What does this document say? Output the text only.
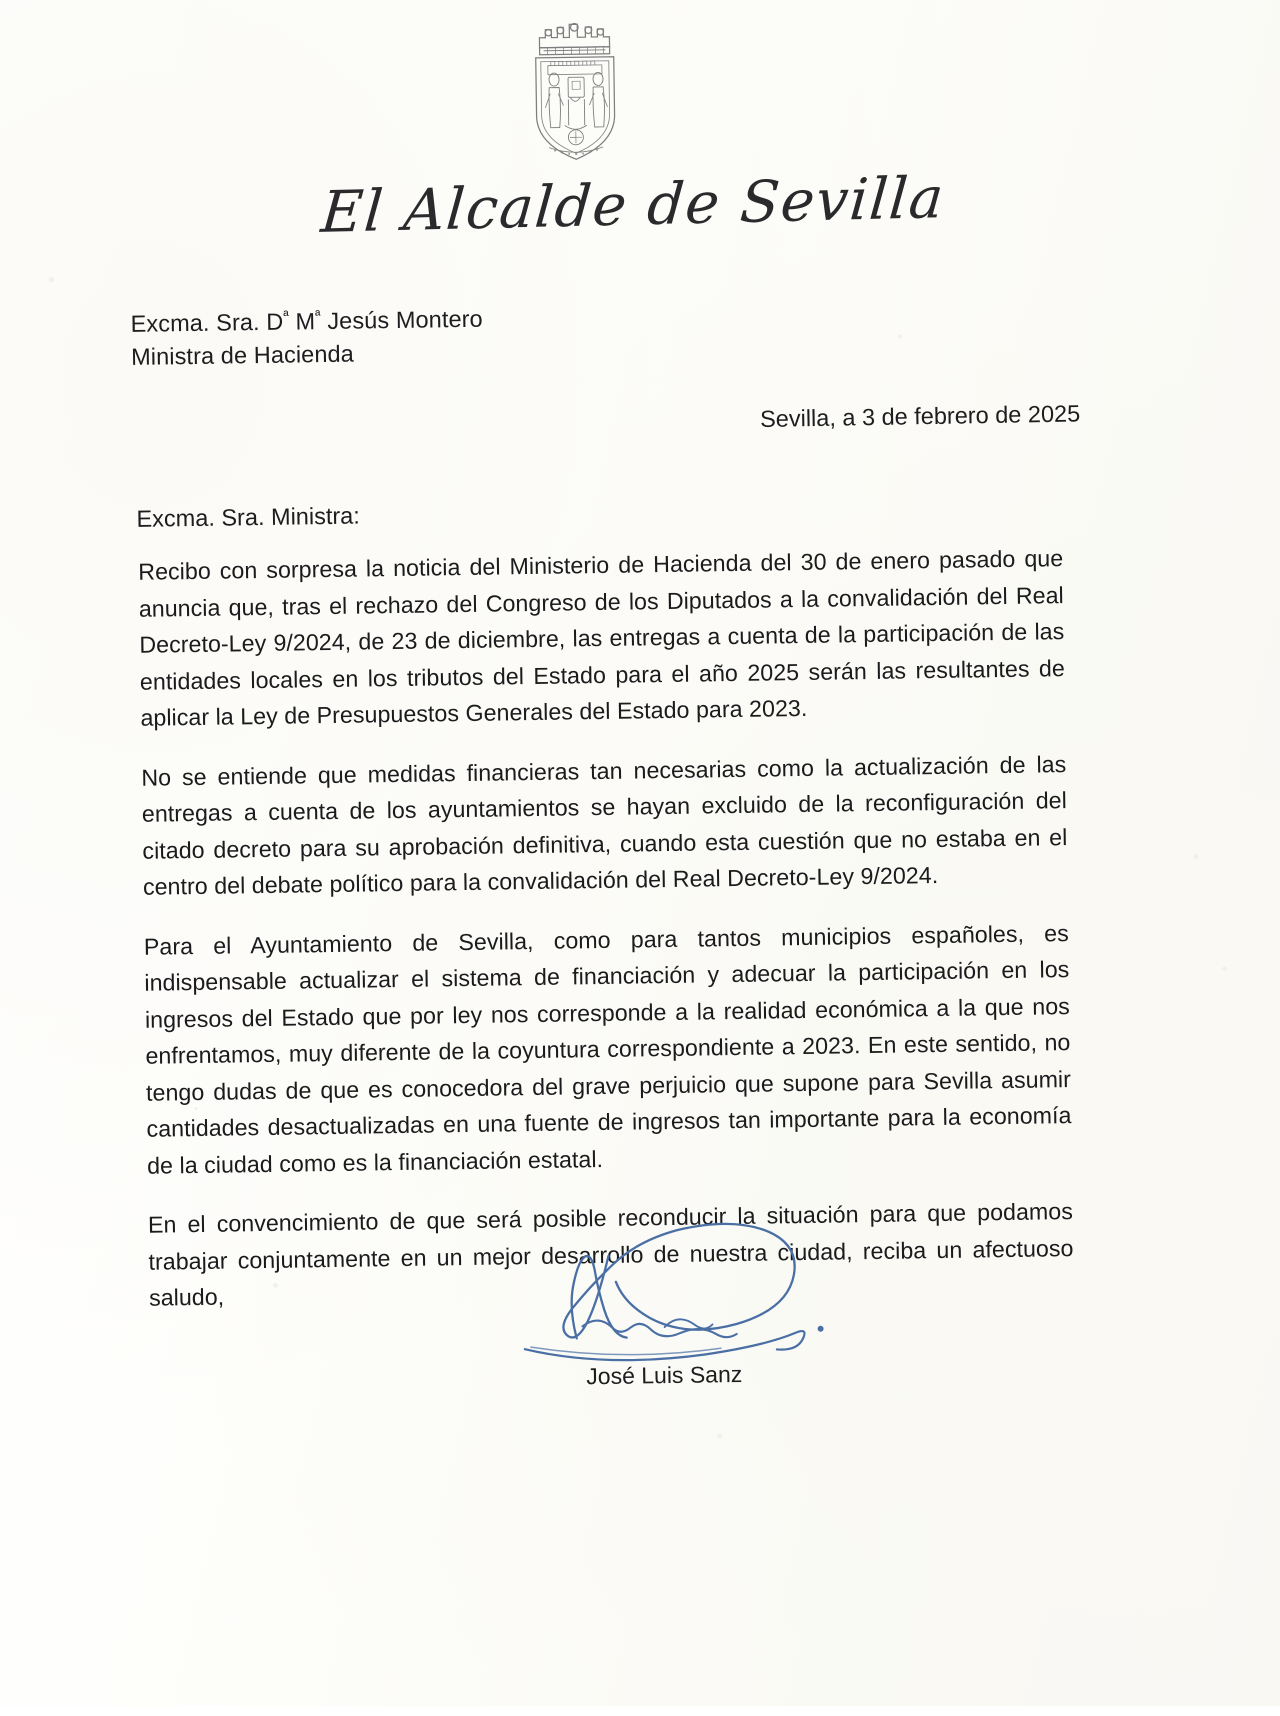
El Alcalde de Sevilla
Excma. Sra. $D^ª$ $M^ª$ Jesús Montero
Ministra de Hacienda
Sevilla, a 3 de febrero de 2025
Excma. Sra. Ministra:

Recibo con sorpresa la noticia del Ministerio de Hacienda del 30 de enero pasado que anuncia que, tras el rechazo del Congreso de los Diputados a la convalidación del Real Decreto-Ley 9/2024, de 23 de diciembre, las entregas a cuenta de la participación de las entidades locales en los tributos del Estado para el año 2025 serán las resultantes de aplicar la Ley de Presupuestos Generales del Estado para 2023.

No se entiende que medidas financieras tan necesarias como la actualización de las entregas a cuenta de los ayuntamientos se hayan excluido de la reconfiguración del citado decreto para su aprobación definitiva, cuando esta cuestión que no estaba en el centro del debate político para la convalidación del Real Decreto-Ley 9/2024.

Para el Ayuntamiento de Sevilla, como para tantos municipios españoles, es indispensable actualizar el sistema de financiación y adecuar la participación en los ingresos del Estado que por ley nos corresponde a la realidad económica a la que nos enfrentamos, muy diferente de la coyuntura correspondiente a 2023. En este sentido, no tengo dudas de que es conocedora del grave perjuicio que supone para Sevilla asumir cantidades desactualizadas en una fuente de ingresos tan importante para la economía de la ciudad como es la financiación estatal.

En el convencimiento de que será posible reconducir la situación para que podamos trabajar conjuntamente en un mejor desarrollo de nuestra ciudad, reciba un afectuoso saludo,

José Luis Sanz
